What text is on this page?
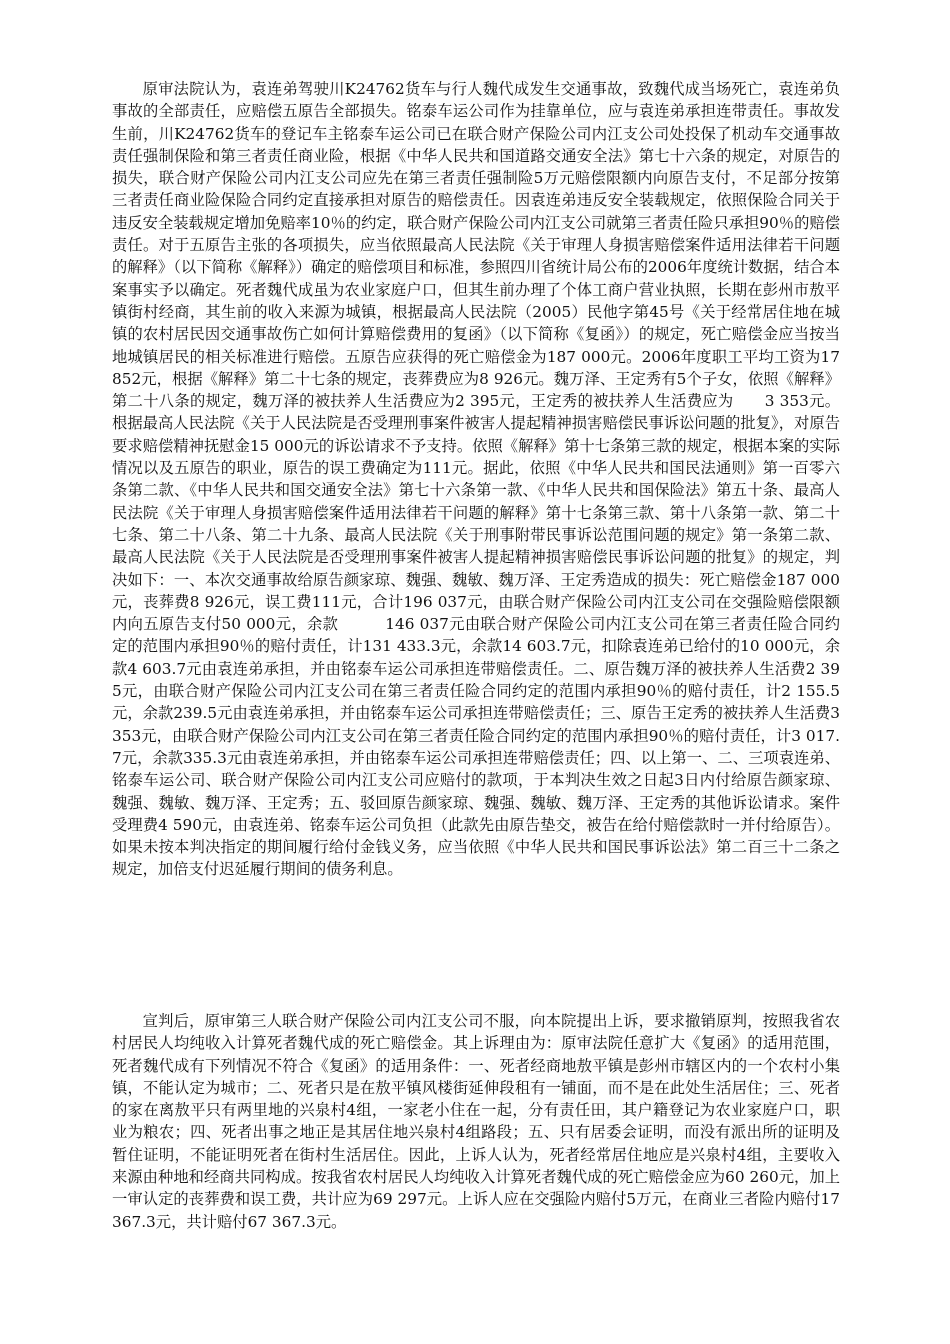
原审法院认为，袁连弟驾驶川K24762货车与行人魏代成发生交通事故，致魏代成当场死亡，袁连弟负事故的全部责任，应赔偿五原告全部损失。铭泰车运公司作为挂靠单位，应与袁连弟承担连带责任。事故发生前，川K24762货车的登记车主铭泰车运公司已在联合财产保险公司内江支公司处投保了机动车交通事故责任强制保险和第三者责任商业险，根据《中华人民共和国道路交通安全法》第七十六条的规定，对原告的损失，联合财产保险公司内江支公司应先在第三者责任强制险5万元赔偿限额内向原告支付，不足部分按第三者责任商业险保险合同约定直接承担对原告的赔偿责任。因袁连弟违反安全装载规定，依照保险合同关于违反安全装载规定增加免赔率10％的约定，联合财产保险公司内江支公司就第三者责任险只承担90％的赔偿责任。对于五原告主张的各项损失，应当依照最高人民法院《关于审理人身损害赔偿案件适用法律若干问题的解释》（以下简称《解释》）确定的赔偿项目和标准，参照四川省统计局公布的2006年度统计数据，结合本案事实予以确定。死者魏代成虽为农业家庭户口，但其生前办理了个体工商户营业执照，长期在彭州市敖平镇街村经商，其生前的收入来源为城镇，根据最高人民法院（2005）民他字第45号《关于经常居住地在城镇的农村居民因交通事故伤亡如何计算赔偿费用的复函》（以下简称《复函》）的规定，死亡赔偿金应当按当地城镇居民的相关标准进行赔偿。五原告应获得的死亡赔偿金为187 000元。2006年度职工平均工资为17 852元，根据《解释》第二十七条的规定，丧葬费应为8 926元。魏万泽、王定秀有5个子女，依照《解释》第二十八条的规定，魏万泽的被扶养人生活费应为2 395元，王定秀的被扶养人生活费应为　　3 353元。根据最高人民法院《关于人民法院是否受理刑事案件被害人提起精神损害赔偿民事诉讼问题的批复》，对原告要求赔偿精神抚慰金15 000元的诉讼请求不予支持。依照《解释》第十七条第三款的规定，根据本案的实际情况以及五原告的职业，原告的误工费确定为111元。据此，依照《中华人民共和国民法通则》第一百零六条第二款、《中华人民共和国交通安全法》第七十六条第一款、《中华人民共和国保险法》第五十条、最高人民法院《关于审理人身损害赔偿案件适用法律若干问题的解释》第十七条第三款、第十八条第一款、第二十七条、第二十八条、第二十九条、最高人民法院《关于刑事附带民事诉讼范围问题的规定》第一条第二款、最高人民法院《关于人民法院是否受理刑事案件被害人提起精神损害赔偿民事诉讼问题的批复》的规定，判决如下：一、本次交通事故给原告颜家琼、魏强、魏敏、魏万泽、王定秀造成的损失：死亡赔偿金187 000元，丧葬费8 926元，误工费111元，合计196 037元，由联合财产保险公司内江支公司在交强险赔偿限额内向五原告支付50 000元，余款　　　146 037元由联合财产保险公司内江支公司在第三者责任险合同约定的范围内承担90％的赔付责任，计131 433.3元，余款14 603.7元，扣除袁连弟已给付的10 000元，余款4 603.7元由袁连弟承担，并由铭泰车运公司承担连带赔偿责任。二、原告魏万泽的被扶养人生活费2 395元，由联合财产保险公司内江支公司在第三者责任险合同约定的范围内承担90％的赔付责任，计2 155.5元，余款239.5元由袁连弟承担，并由铭泰车运公司承担连带赔偿责任；三、原告王定秀的被扶养人生活费3 353元，由联合财产保险公司内江支公司在第三者责任险合同约定的范围内承担90％的赔付责任，计3 017.7元，余款335.3元由袁连弟承担，并由铭泰车运公司承担连带赔偿责任；四、以上第一、二、三项袁连弟、铭泰车运公司、联合财产保险公司内江支公司应赔付的款项，于本判决生效之日起3日内付给原告颜家琼、魏强、魏敏、魏万泽、王定秀；五、驳回原告颜家琼、魏强、魏敏、魏万泽、王定秀的其他诉讼请求。案件受理费4 590元，由袁连弟、铭泰车运公司负担（此款先由原告垫交，被告在给付赔偿款时一并付给原告）。如果未按本判决指定的期间履行给付金钱义务，应当依照《中华人民共和国民事诉讼法》第二百三十二条之规定，加倍支付迟延履行期间的债务利息。

宣判后，原审第三人联合财产保险公司内江支公司不服，向本院提出上诉，要求撤销原判，按照我省农村居民人均纯收入计算死者魏代成的死亡赔偿金。其上诉理由为：原审法院任意扩大《复函》的适用范围，死者魏代成有下列情况不符合《复函》的适用条件：一、死者经商地敖平镇是彭州市辖区内的一个农村小集镇，不能认定为城市；二、死者只是在敖平镇风楼街延伸段租有一铺面，而不是在此处生活居住；三、死者的家在离敖平只有两里地的兴泉村4组，一家老小住在一起，分有责任田，其户籍登记为农业家庭户口，职业为粮农；四、死者出事之地正是其居住地兴泉村4组路段；五、只有居委会证明，而没有派出所的证明及暂住证明，不能证明死者在街村生活居住。因此，上诉人认为，死者经常居住地应是兴泉村4组，主要收入来源由种地和经商共同构成。按我省农村居民人均纯收入计算死者魏代成的死亡赔偿金应为60 260元，加上一审认定的丧葬费和误工费，共计应为69 297元。上诉人应在交强险内赔付5万元，在商业三者险内赔付17367.3元，共计赔付67 367.3元。
